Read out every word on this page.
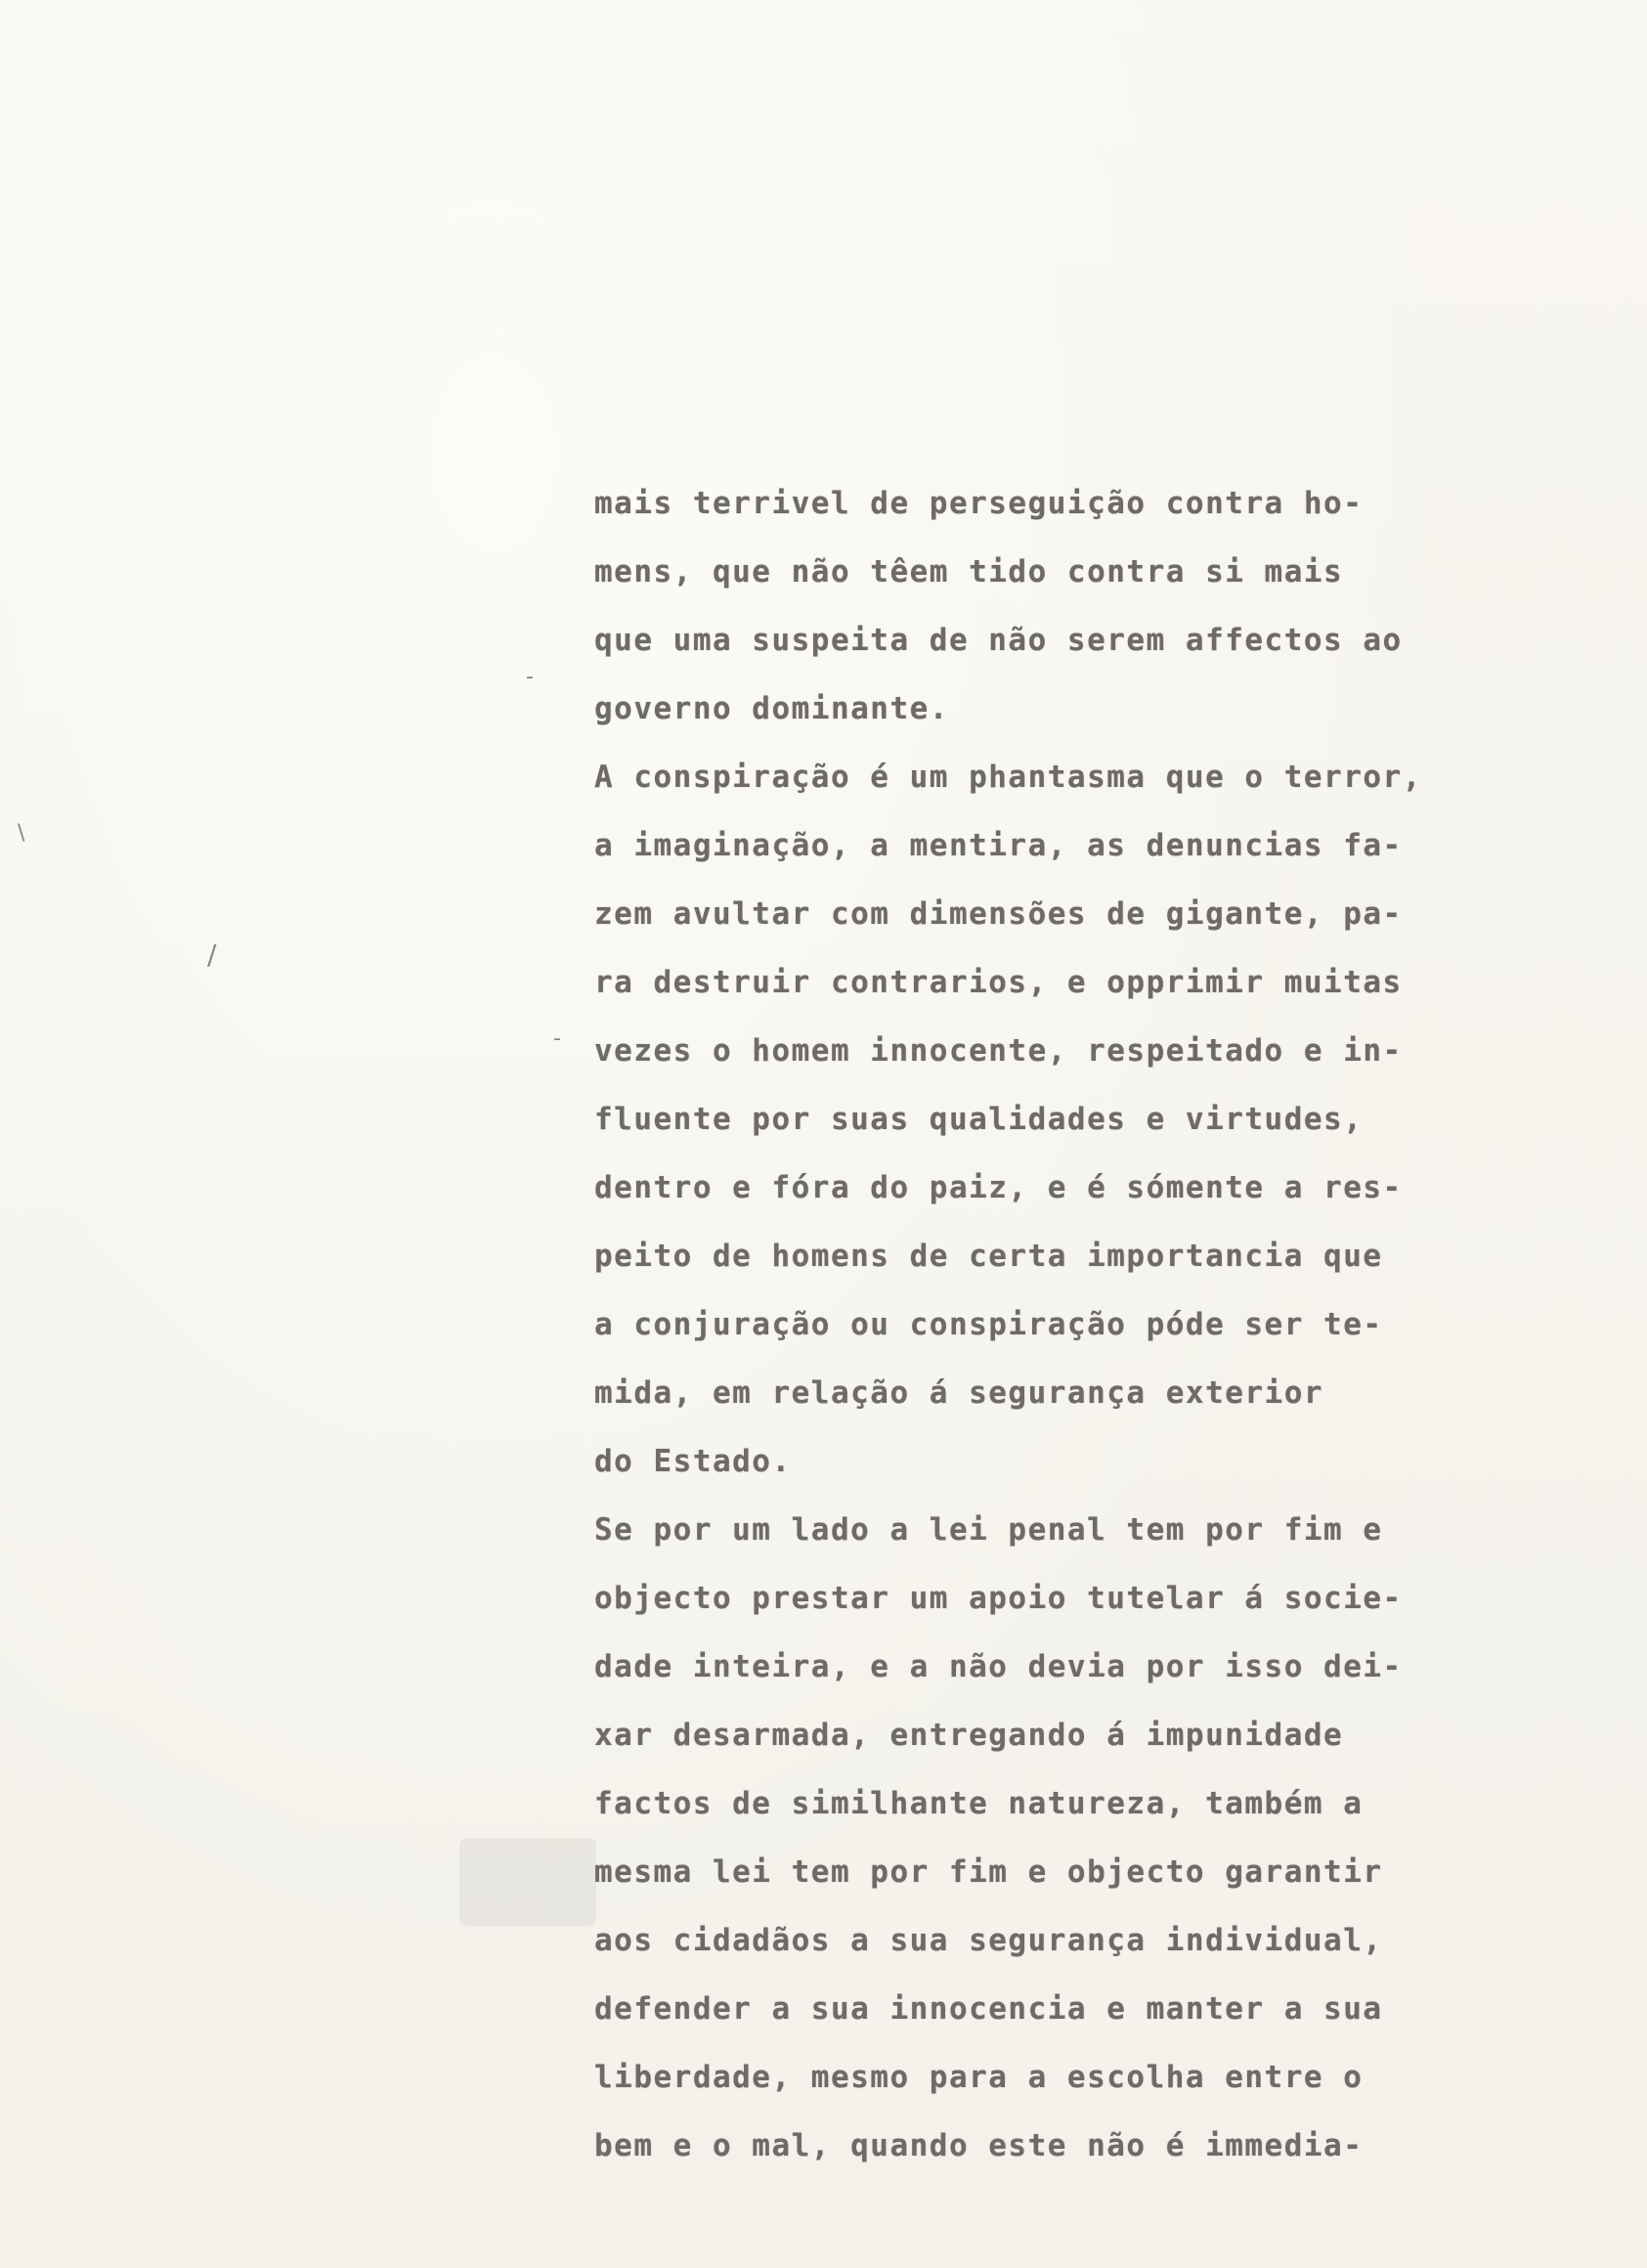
-
\
/
-
mais terrivel de perseguição contra ho-
mens, que não têem tido contra si mais
que uma suspeita de não serem affectos ao
governo dominante.
A conspiração é um phantasma que o terror,
a imaginação, a mentira, as denuncias fa-
zem avultar com dimensões de gigante, pa-
ra destruir contrarios, e opprimir muitas
vezes o homem innocente, respeitado e in-
fluente por suas qualidades e virtudes,
dentro e fóra do paiz, e é sómente a res-
peito de homens de certa importancia que
a conjuração ou conspiração póde ser te-
mida, em relação á segurança exterior
do Estado.
Se por um lado a lei penal tem por fim e
objecto prestar um apoio tutelar á socie-
dade inteira, e a não devia por isso dei-
xar desarmada, entregando á impunidade
factos de similhante natureza, também a
mesma lei tem por fim e objecto garantir
aos cidadãos a sua segurança individual,
defender a sua innocencia e manter a sua
liberdade, mesmo para a escolha entre o
bem e o mal, quando este não é immedia-
